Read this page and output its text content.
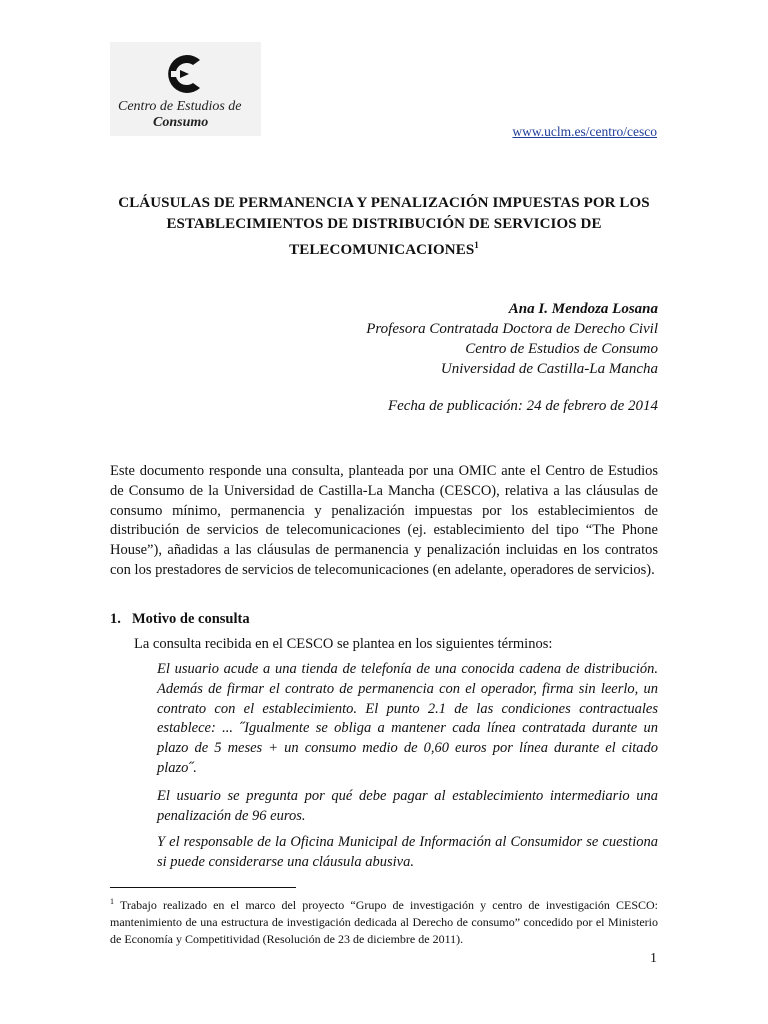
Centro de Estudios de
Consumo
www.uclm.es/centro/cesco
CLÁUSULAS DE PERMANENCIA Y PENALIZACIÓN IMPUESTAS POR LOS ESTABLECIMIENTOS DE DISTRIBUCIÓN DE SERVICIOS DE TELECOMUNICACIONES$^1$
Ana I. Mendoza Losana
Profesora Contratada Doctora de Derecho Civil
Centro de Estudios de Consumo
Universidad de Castilla-La Mancha
Fecha de publicación: 24 de febrero de 2014
Este documento responde una consulta, planteada por una OMIC ante el Centro de Estudios de Consumo de la Universidad de Castilla-La Mancha (CESCO), relativa a las cláusulas de consumo mínimo, permanencia y penalización impuestas por los establecimientos de distribución de servicios de telecomunicaciones (ej. establecimiento del tipo “The Phone House”), añadidas a las cláusulas de permanencia y penalización incluidas en los contratos con los prestadores de servicios de telecomunicaciones (en adelante, operadores de servicios).
1. Motivo de consulta
La consulta recibida en el CESCO se plantea en los siguientes términos:
El usuario acude a una tienda de telefonía de una conocida cadena de distribución. Además de firmar el contrato de permanencia con el operador, firma sin leerlo, un contrato con el establecimiento. El punto 2.1 de las condiciones contractuales establece: ... ˝Igualmente se obliga a mantener cada línea contratada durante un plazo de 5 meses + un consumo medio de 0,60 euros por línea durante el citado plazo˝.
El usuario se pregunta por qué debe pagar al establecimiento intermediario una penalización de 96 euros.
Y el responsable de la Oficina Municipal de Información al Consumidor se cuestiona si puede considerarse una cláusula abusiva.
$^1$ Trabajo realizado en el marco del proyecto “Grupo de investigación y centro de investigación CESCO: mantenimiento de una estructura de investigación dedicada al Derecho de consumo” concedido por el Ministerio de Economía y Competitividad (Resolución de 23 de diciembre de 2011).
1
